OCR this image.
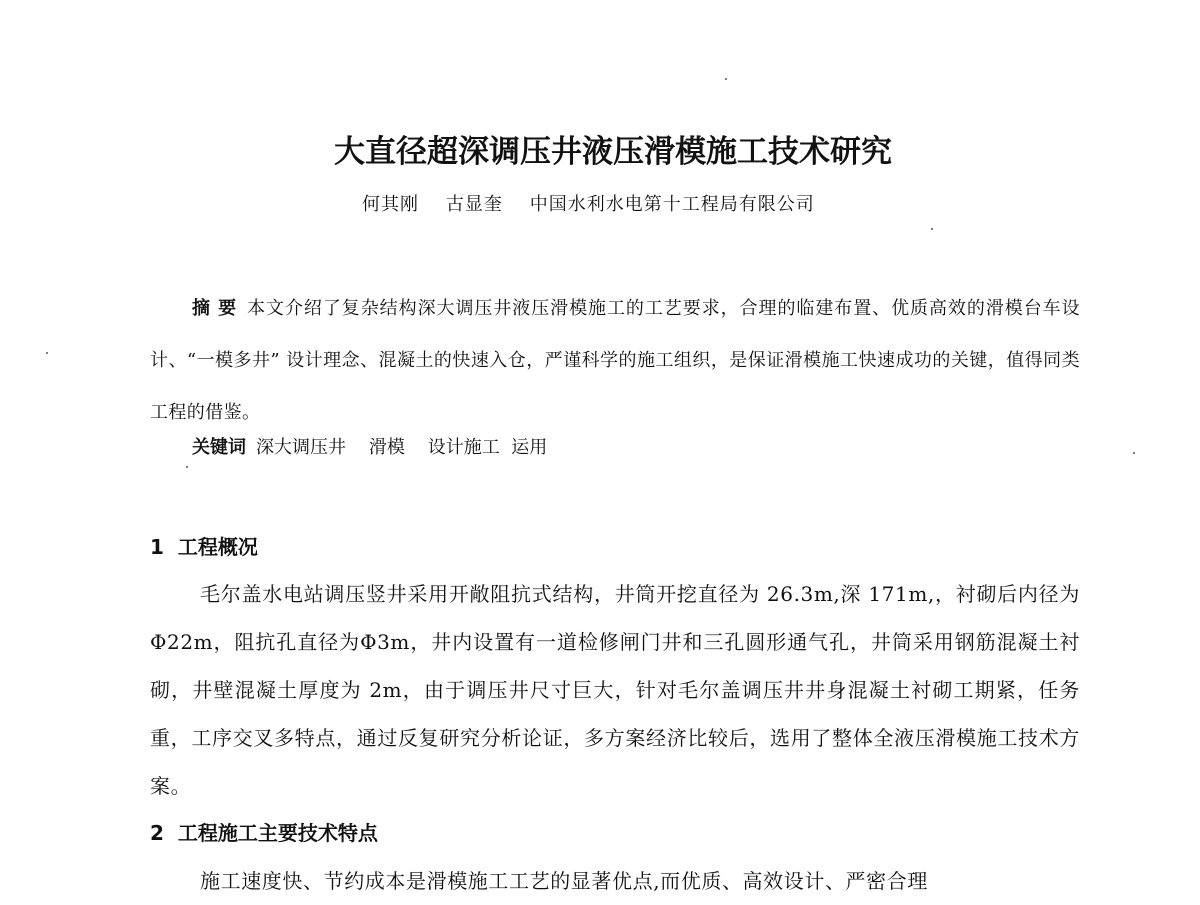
大直径超深调压井液压滑模施工技术研究
何其刚    古显奎    中国水利水电第十工程局有限公司
摘 要 本文介绍了复杂结构深大调压井液压滑模施工的工艺要求，合理的临建布置、优质高效的滑模台车设计、“一模多井” 设计理念、混凝土的快速入仓，严谨科学的施工组织，是保证滑模施工快速成功的关键，值得同类工程的借鉴。
关键词 深大调压井    滑模    设计施工  运用
1  工程概况
毛尔盖水电站调压竖井采用开敞阻抗式结构，井筒开挖直径为 26.3m,深 171m,，衬砌后内径为Φ22m，阻抗孔直径为Φ3m，井内设置有一道检修闸门井和三孔圆形通气孔，井筒采用钢筋混凝土衬砌，井壁混凝土厚度为 2m，由于调压井尺寸巨大，针对毛尔盖调压井井身混凝土衬砌工期紧，任务重，工序交叉多特点，通过反复研究分析论证，多方案经济比较后，选用了整体全液压滑模施工技术方案。
2  工程施工主要技术特点
施工速度快、节约成本是滑模施工工艺的显著优点,而优质、高效设计、严密合理
